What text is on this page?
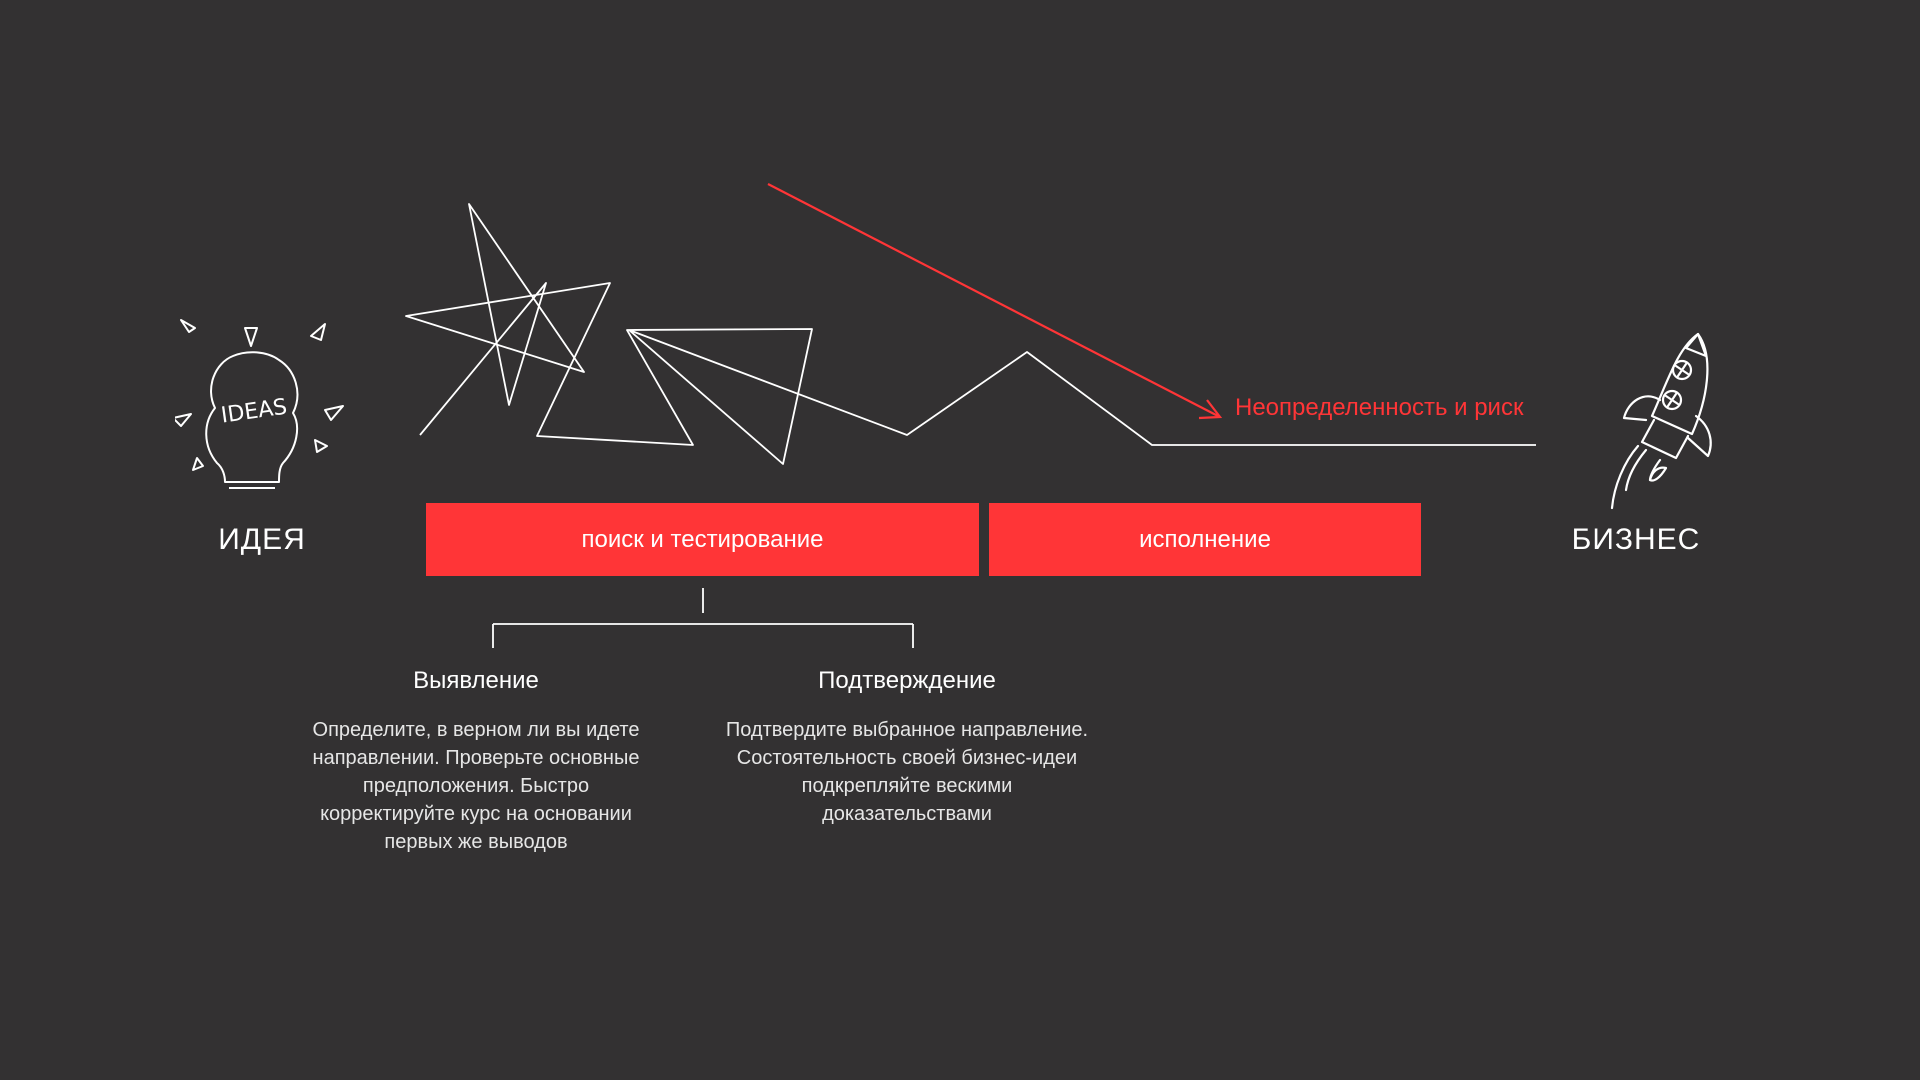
IDEAS	Неопределенность и риск
ИДЕЯ	БИЗНЕС
поиск и тестирование	исполнение
Выявление
Определите, в верном ли вы идете направлении. Проверьте основные предположения. Быстро корректируйте курс на основании первых же выводов
Подтверждение
Подтвердите выбранное направление. Состоятельность своей бизнес-идеи подкрепляйте вескими доказательствами
